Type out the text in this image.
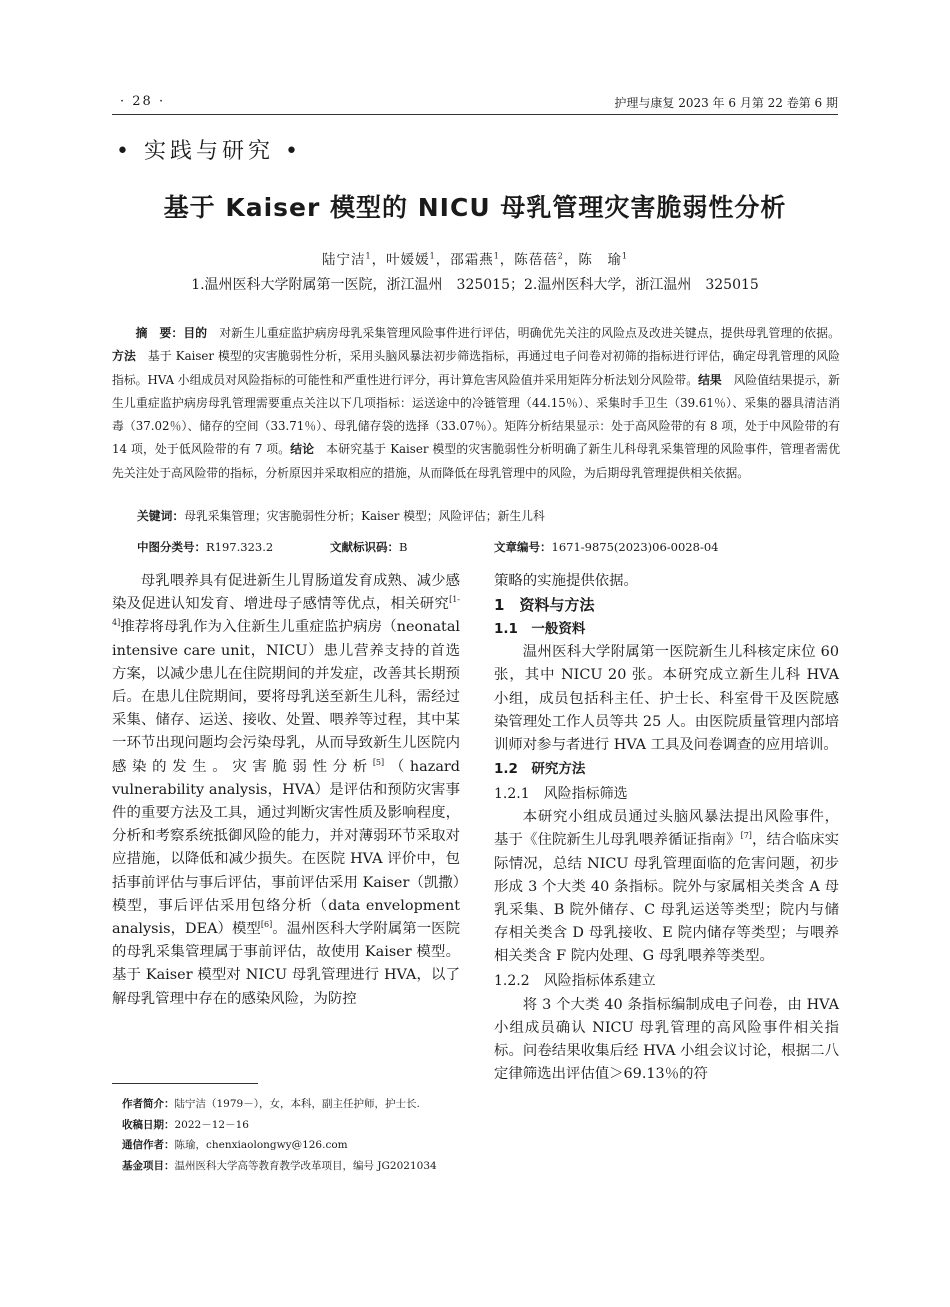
· 28 ·	护理与康复 2023 年 6 月第 22 卷第 6 期
• 实践与研究 •
基于 Kaiser 模型的 NICU 母乳管理灾害脆弱性分析
陆宁洁$^1$，叶媛媛$^1$，邵霜燕$^1$，陈蓓蓓$^2$，陈　瑜$^1$
1.温州医科大学附属第一医院，浙江温州　325015；2.温州医科大学，浙江温州　325015
摘　要：目的　 对新生儿重症监护病房母乳采集管理风险事件进行评估，明确优先关注的风险点及改进关键点，提供母乳管理的依据。方法　 基于 Kaiser 模型的灾害脆弱性分析，采用头脑风暴法初步筛选指标，再通过电子问卷对初筛的指标进行评估，确定母乳管理的风险指标。HVA 小组成员对风险指标的可能性和严重性进行评分，再计算危害风险值并采用矩阵分析法划分风险带。结果　 风险值结果提示，新生儿重症监护病房母乳管理需要重点关注以下几项指标：运送途中的冷链管理（44.15％）、采集时手卫生（39.61％）、采集的器具清洁消毒（37.02％）、储存的空间（33.71％）、母乳储存袋的选择（33.07％）。矩阵分析结果显示：处于高风险带的有 8 项，处于中风险带的有 14 项，处于低风险带的有 7 项。结论　 本研究基于 Kaiser 模型的灾害脆弱性分析明确了新生儿科母乳采集管理的风险事件，管理者需优先关注处于高风险带的指标，分析原因并采取相应的措施，从而降低在母乳管理中的风险，为后期母乳管理提供相关依据。
关键词：母乳采集管理；灾害脆弱性分析；Kaiser 模型；风险评估；新生儿科
中图分类号：R197.323.2	文献标识码：B	文章编号：1671-9875(2023)06-0028-04

母乳喂养具有促进新生儿胃肠道发育成熟、减少感染及促进认知发育、增进母子感情等优点，相关研究[1-4]推荐将母乳作为入住新生儿重症监护病房（neonatal intensive care unit，NICU）患儿营养支持的首选方案，以减少患儿在住院期间的并发症，改善其长期预后。在患儿住院期间，要将母乳送至新生儿科，需经过采集、储存、运送、接收、处置、喂养等过程，其中某一环节出现问题均会污染母乳，从而导致新生儿医院内感染的发生。灾害脆弱性分析[5]（hazard vulnerability analysis，HVA）是评估和预防灾害事件的重要方法及工具，通过判断灾害性质及影响程度，分析和考察系统抵御风险的能力，并对薄弱环节采取对应措施，以降低和减少损失。在医院 HVA 评价中，包括事前评估与事后评估，事前评估采用 Kaiser（凯撒）模型，事后评估采用包络分析（data envelopment analysis，DEA）模型[6]。温州医科大学附属第一医院的母乳采集管理属于事前评估，故使用 Kaiser 模型。基于 Kaiser 模型对 NICU 母乳管理进行 HVA，以了解母乳管理中存在的感染风险，为防控

策略的实施提供依据。

1　资料与方法

1.1　一般资料

温州医科大学附属第一医院新生儿科核定床位 60 张，其中 NICU 20 张。本研究成立新生儿科 HVA 小组，成员包括科主任、护士长、科室骨干及医院感染管理处工作人员等共 25 人。由医院质量管理内部培训师对参与者进行 HVA 工具及问卷调查的应用培训。

1.2　研究方法

1.2.1　风险指标筛选

本研究小组成员通过头脑风暴法提出风险事件，基于《住院新生儿母乳喂养循证指南》[7]，结合临床实际情况，总结 NICU 母乳管理面临的危害问题，初步形成 3 个大类 40 条指标。院外与家属相关类含 A 母乳采集、B 院外储存、C 母乳运送等类型；院内与储存相关类含 D 母乳接收、E 院内储存等类型；与喂养相关类含 F 院内处理、G 母乳喂养等类型。

1.2.2　风险指标体系建立

将 3 个大类 40 条指标编制成电子问卷，由 HVA 小组成员确认 NICU 母乳管理的高风险事件相关指标。问卷结果收集后经 HVA 小组会议讨论，根据二八定律筛选出评估值＞69.13％的符

作者简介：陆宁洁（1979－），女，本科，副主任护师，护士长.
收稿日期：2022－12－16
通信作者：陈瑜，chenxiaolongwy@126.com
基金项目：温州医科大学高等教育教学改革项目，编号 JG2021034
